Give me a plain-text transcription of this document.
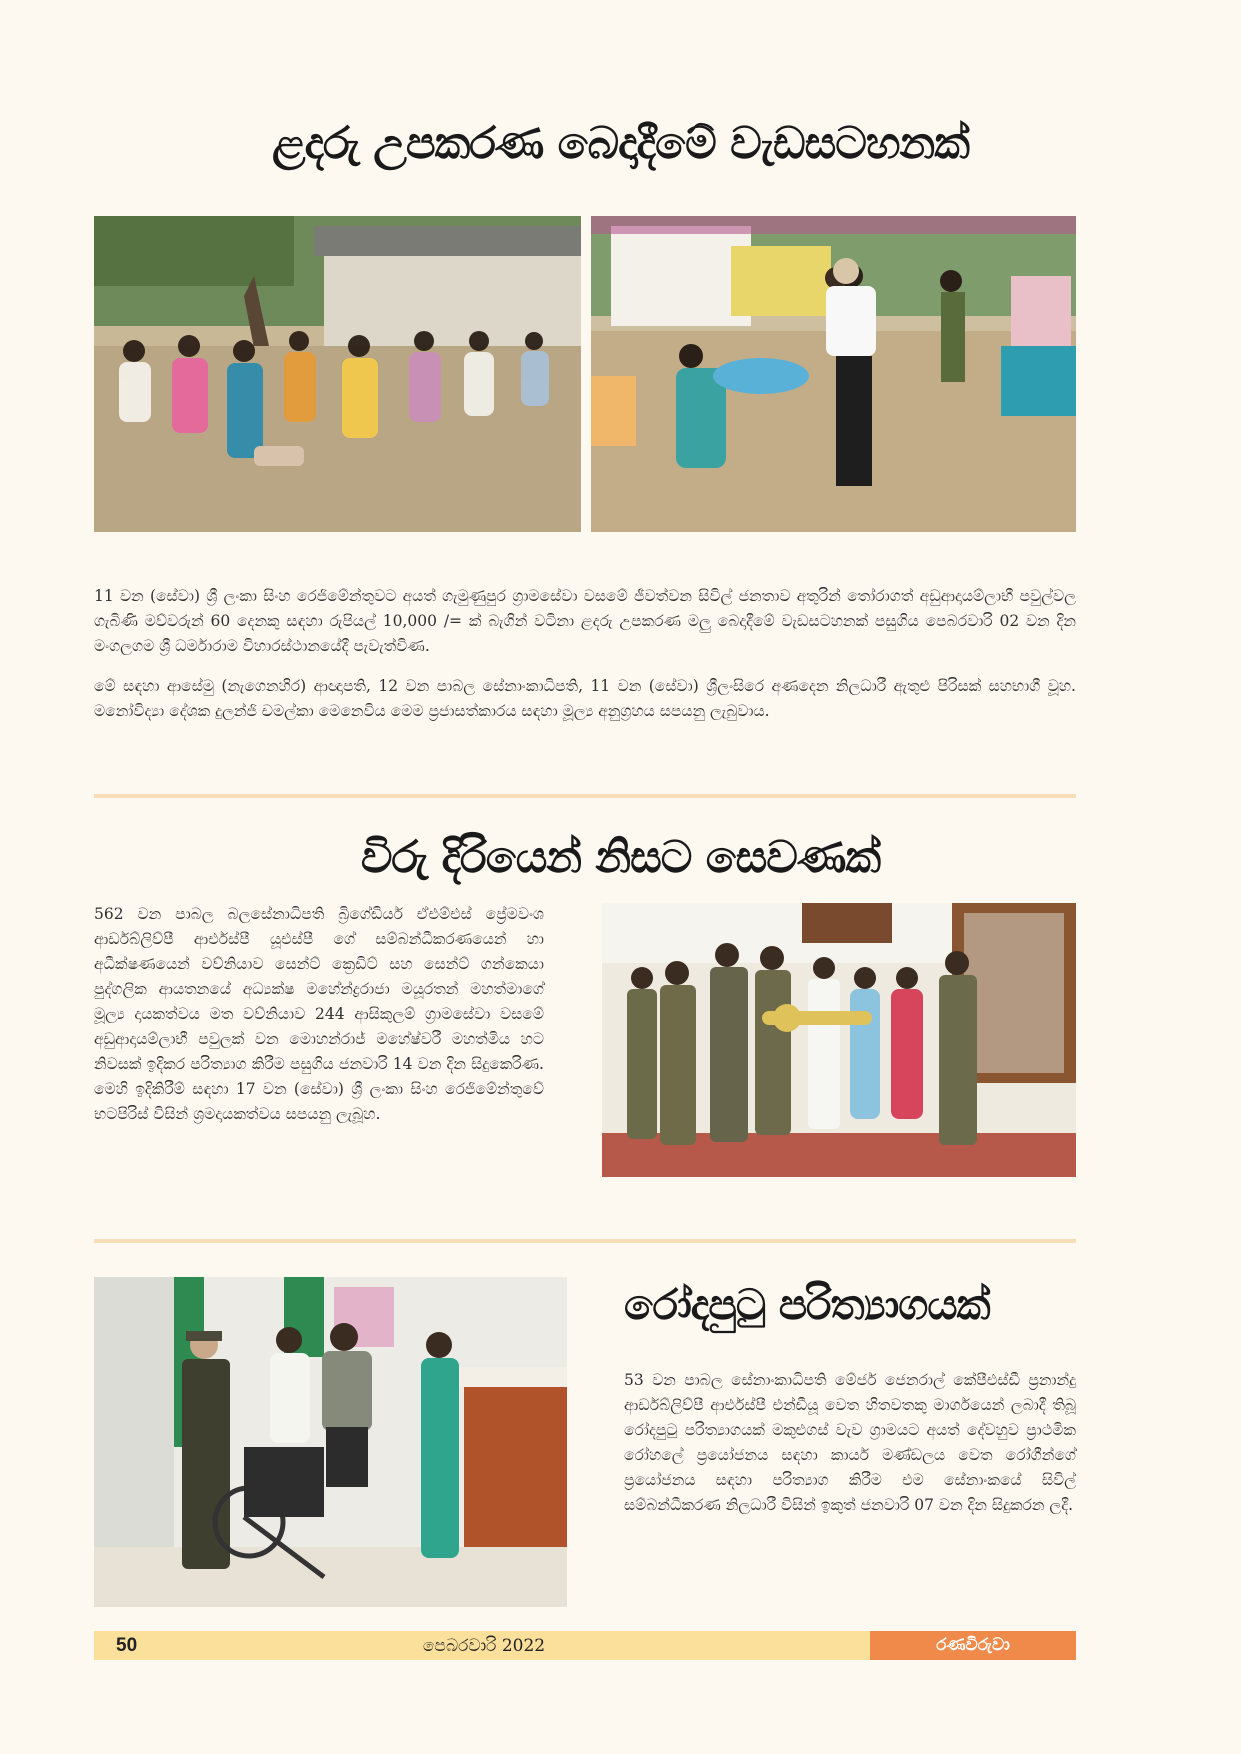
ළදරු උපකරණ බෙදාදීමේ වැඩසටහනක්

11 වන (සේවා) ශ්‍රී ලංකා සිංහ රෙජිමේන්තුවට අයත් ගැමුණුපුර ග්‍රාමසේවා වසමේ ජීවත්වන සිවිල් ජනතාව අතුරින් තෝරාගත් අඩුආදායම්ලාභී පවුල්වල ගැබිණි මව්වරුන් 60 දෙනකු සඳහා රුපියල් 10,000 /= ක් බැගින් වටිනා ළදරු උපකරණ මලු බෙදාදීමේ වැඩසටහනක් පසුගිය පෙබරවාරි 02 වන දින මංගලගම ශ්‍රී ධර්මාරාම විහාරස්ථානයේදී පැවැත්විණ.

මේ සඳහා ආසේමු (නැගෙනහිර) ආඥාපති, 12 වන පාබල සේනාංකාධිපති, 11 වන (සේවා) ශ්‍රීලංසිරෙ අණදෙන නිලධාරී ඇතුළු පිරිසක් සහභාගී වූහ. මනෝවිද්‍යා දේශක දුලන්ජි චමල්කා මෙනෙවිය මෙම ප්‍රජාසත්කාරය සඳහා මූල්‍ය අනුග්‍රහය සපයනු ලැබුවාය.

විරු දිරියෙන් නිසට සෙවණක්

562 වන පාබල බලසේනාධිපති බ්‍රිගේඩියර් ඒඑම්එස් ප්‍රේමවංශ ආර්ඩබ්ලිව්පී ආර්එස්පී යූඑස්පී ගේ සම්බන්ධීකරණයෙන් හා අධීක්ෂණයෙන් වව්නියාව සෙන්ට් ක්‍රෙඩිට් සහ සෙන්ට් ගන්කෙයා පුද්ගලික ආයතනයේ අධ්‍යක්ෂ මහේන්ද්‍රරාජා මයූරතන් මහත්මාගේ මූල්‍ය දායකත්වය මත වව්නියාව 244 ආසිකුලම් ග්‍රාමසේවා වසමේ අඩුආදායම්ලාභී පවුලක් වන මොහන්රාජ් මහේෂ්වරී මහත්මිය හට නිවසක් ඉදිකර පරිත්‍යාග කිරීම පසුගිය ජනවාරි 14 වන දින සිදුකෙරිණ. මෙහි ඉදිකිරීම් සඳහා 17 වන (සේවා) ශ්‍රී ලංකා සිංහ රෙජිමේන්තුවේ භටපිරිස් විසින් ශ්‍රමදායකත්වය සපයනු ලැබූහ.

රෝදපුටු පරිත්‍යාගයක්

53 වන පාබල සේනාංකාධිපති මේජර් ජෙනරාල් කේපීඑස්ඩී ප්‍රනාන්දු ආර්ඩබ්ලිව්පී ආර්එස්පී එන්ඩීයූ වෙත හිතවතකු මාර්ගයෙන් ලබාදී තිබූ රෝදපුටු පරිත්‍යාගයක් මකුළුගස් වැව ග්‍රාමයට අයත් දේවහුව ප්‍රාථමික රෝහලේ ප්‍රයෝජනය සඳහා කාර්ය මණ්ඩලය වෙත රෝගීන්ගේ ප්‍රයෝජනය සඳහා පරිත්‍යාග කිරීම එම සේනාංකයේ සිවිල් සම්බන්ධීකරණ නිලධාරී විසින් ඉකුත් ජනවාරි 07 වන දින සිදුකරන ලදී.

50	පෙබරවාරි 2022	රණවිරුවා
